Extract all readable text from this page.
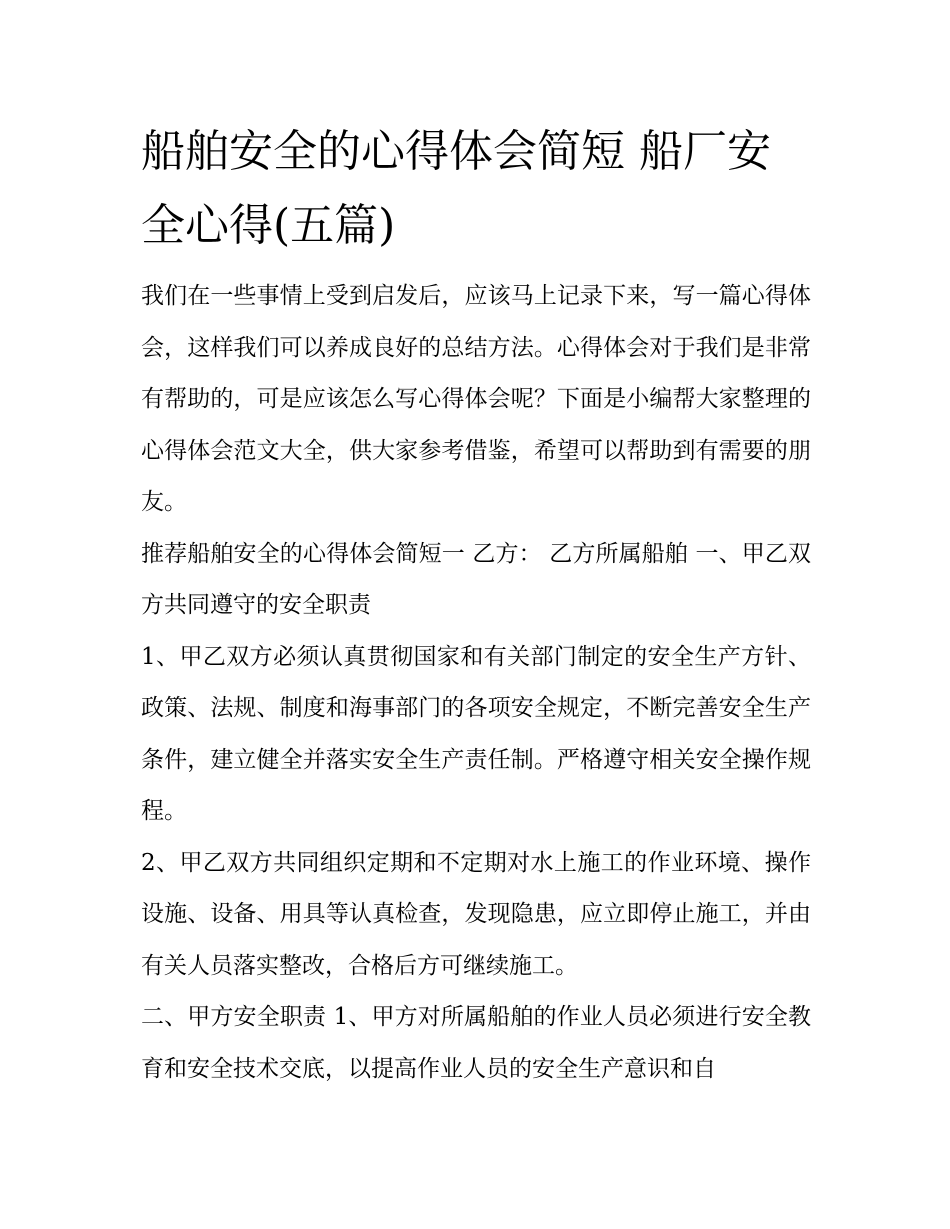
船舶安全的心得体会简短 船厂安全心得(五篇)

我们在一些事情上受到启发后，应该马上记录下来，写一篇心得体会，这样我们可以养成良好的总结方法。心得体会对于我们是非常有帮助的，可是应该怎么写心得体会呢？下面是小编帮大家整理的心得体会范文大全，供大家参考借鉴，希望可以帮助到有需要的朋友。

推荐船舶安全的心得体会简短一 乙方： 乙方所属船舶 一、甲乙双方共同遵守的安全职责

1、甲乙双方必须认真贯彻国家和有关部门制定的安全生产方针、政策、法规、制度和海事部门的各项安全规定，不断完善安全生产条件，建立健全并落实安全生产责任制。严格遵守相关安全操作规程。

2、甲乙双方共同组织定期和不定期对水上施工的作业环境、操作设施、设备、用具等认真检查，发现隐患，应立即停止施工，并由有关人员落实整改，合格后方可继续施工。

二、甲方安全职责 1、甲方对所属船舶的作业人员必须进行安全教育和安全技术交底，以提高作业人员的安全生产意识和自
